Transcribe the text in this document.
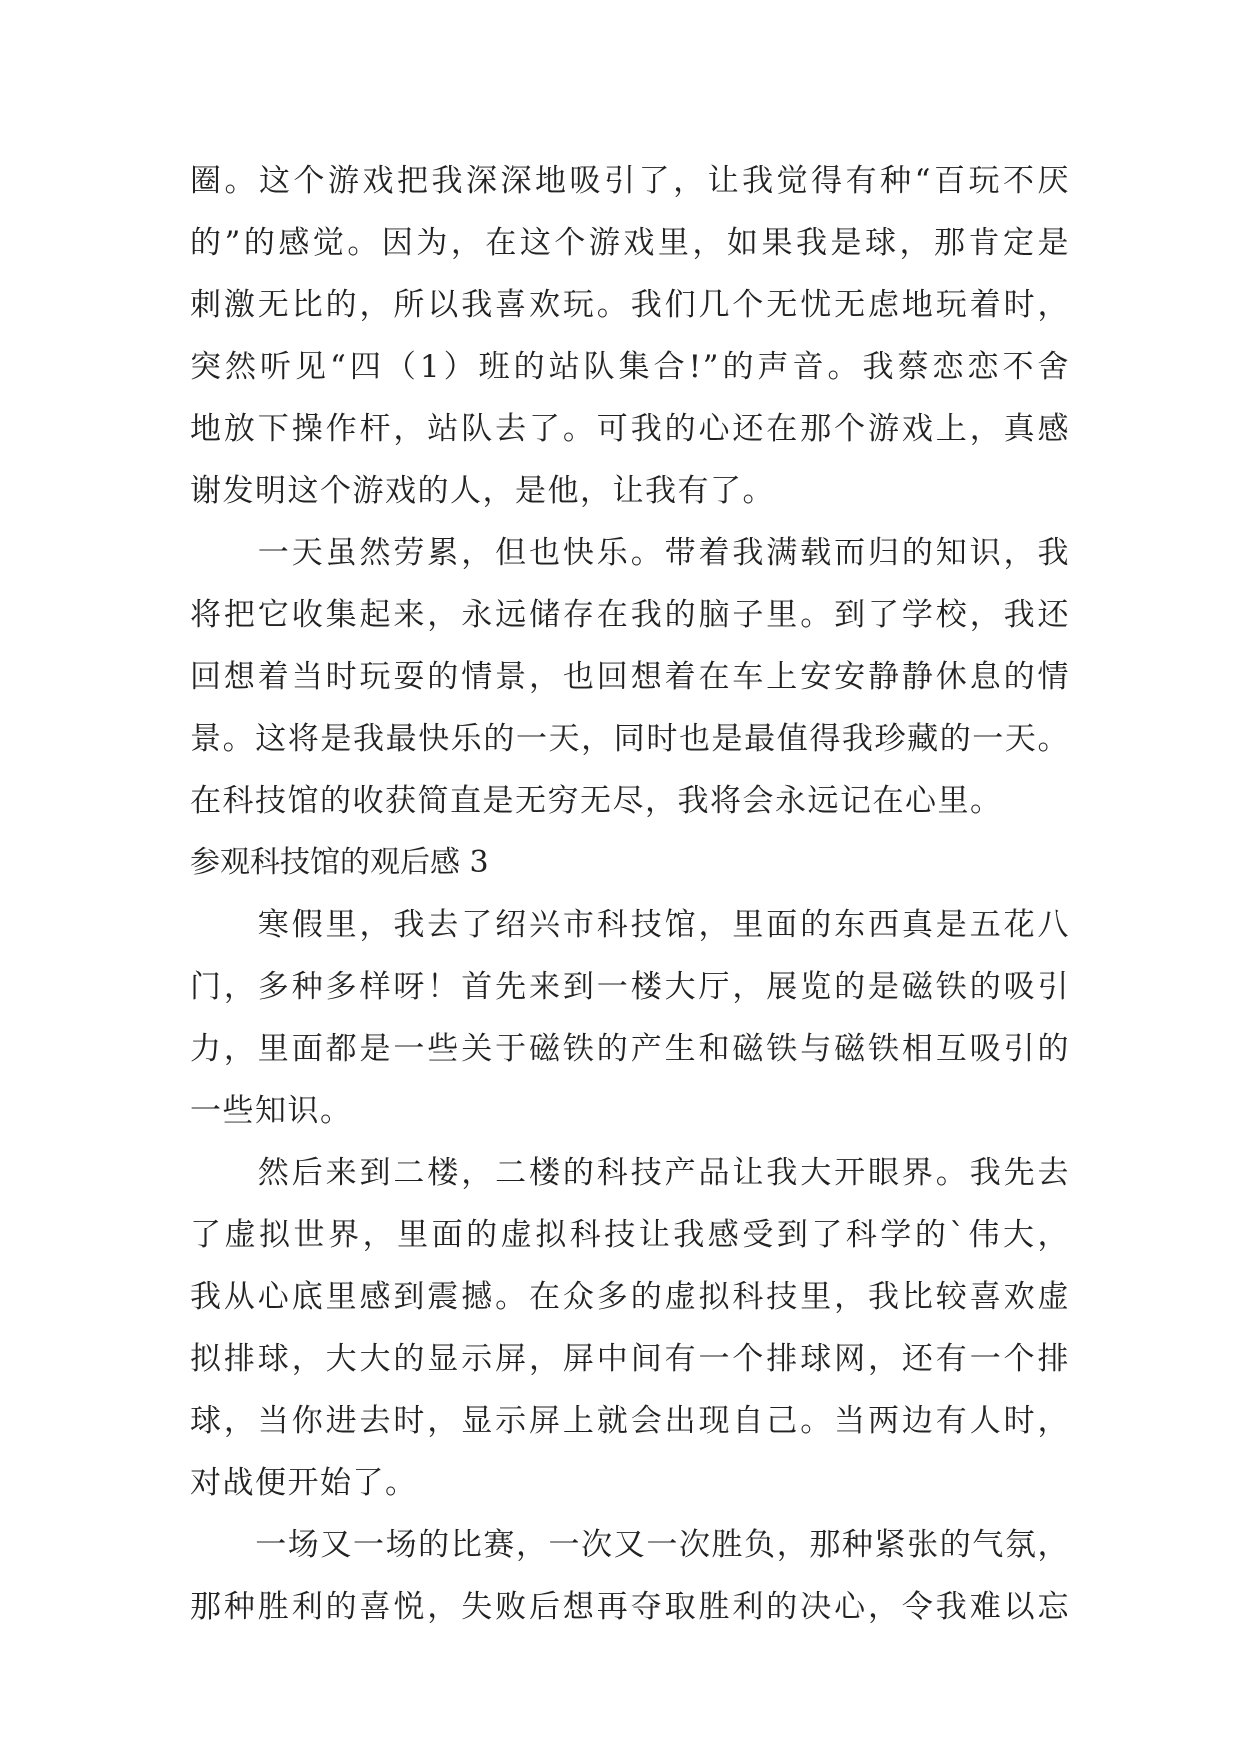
圈。这个游戏把我深深地吸引了，让我觉得有种“百玩不厌
的”的感觉。因为，在这个游戏里，如果我是球，那肯定是
刺激无比的，所以我喜欢玩。我们几个无忧无虑地玩着时，
突然听见“四（1）班的站队集合!”的声音。我蔡恋恋不舍
地放下操作杆，站队去了。可我的心还在那个游戏上，真感
谢发明这个游戏的人，是他，让我有了。
　　一天虽然劳累，但也快乐。带着我满载而归的知识，我
将把它收集起来，永远储存在我的脑子里。到了学校，我还
回想着当时玩耍的情景，也回想着在车上安安静静休息的情
景。这将是我最快乐的一天，同时也是最值得我珍藏的一天。
在科技馆的收获简直是无穷无尽，我将会永远记在心里。
参观科技馆的观后感 3
　　寒假里，我去了绍兴市科技馆，里面的东西真是五花八
门，多种多样呀！首先来到一楼大厅，展览的是磁铁的吸引
力，里面都是一些关于磁铁的产生和磁铁与磁铁相互吸引的
一些知识。
　　然后来到二楼，二楼的科技产品让我大开眼界。我先去
了虚拟世界，里面的虚拟科技让我感受到了科学的`伟大，
我从心底里感到震撼。在众多的虚拟科技里，我比较喜欢虚
拟排球，大大的显示屏，屏中间有一个排球网，还有一个排
球，当你进去时，显示屏上就会出现自己。当两边有人时，
对战便开始了。
　　一场又一场的比赛，一次又一次胜负，那种紧张的气氛，
那种胜利的喜悦，失败后想再夺取胜利的决心，令我难以忘
